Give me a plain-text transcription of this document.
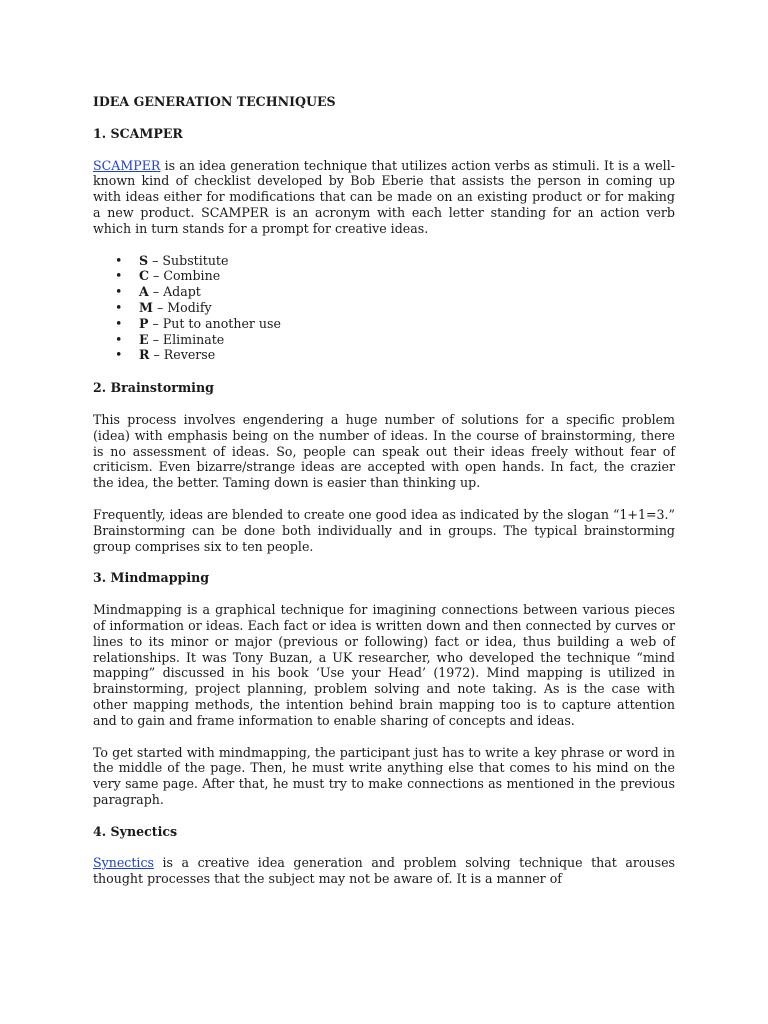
IDEA GENERATION TECHNIQUES
1. SCAMPER

SCAMPER is an idea generation technique that utilizes action verbs as stimuli. It is a well-known kind of checklist developed by Bob Eberie that assists the person in coming up with ideas either for modifications that can be made on an existing product or for making a new product. SCAMPER is an acronym with each letter standing for an action verb which in turn stands for a prompt for creative ideas.

• S – Substitute
• C – Combine
• A – Adapt
• M – Modify
• P – Put to another use
• E – Eliminate
• R – Reverse
2. Brainstorming

This process involves engendering a huge number of solutions for a specific problem (idea) with emphasis being on the number of ideas. In the course of brainstorming, there is no assessment of ideas. So, people can speak out their ideas freely without fear of criticism. Even bizarre/strange ideas are accepted with open hands. In fact, the crazier the idea, the better. Taming down is easier than thinking up.

Frequently, ideas are blended to create one good idea as indicated by the slogan “1+1=3.” Brainstorming can be done both individually and in groups. The typical brainstorming group comprises six to ten people.

3. Mindmapping

Mindmapping is a graphical technique for imagining connections between various pieces of information or ideas. Each fact or idea is written down and then connected by curves or lines to its minor or major (previous or following) fact or idea, thus building a web of relationships. It was Tony Buzan, a UK researcher, who developed the technique “mind mapping” discussed in his book ‘Use your Head’ (1972). Mind mapping is utilized in brainstorming, project planning, problem solving and note taking. As is the case with other mapping methods, the intention behind brain mapping too is to capture attention and to gain and frame information to enable sharing of concepts and ideas.

To get started with mindmapping, the participant just has to write a key phrase or word in the middle of the page. Then, he must write anything else that comes to his mind on the very same page. After that, he must try to make connections as mentioned in the previous paragraph.

4. Synectics

Synectics is a creative idea generation and problem solving technique that arouses thought processes that the subject may not be aware of. It is a manner of
